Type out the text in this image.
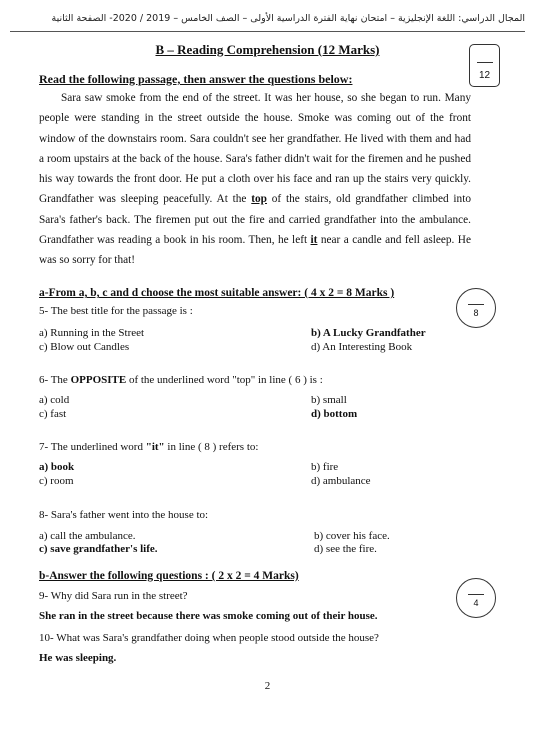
المجال الدراسي: اللغة الإنجليزية – امتحان نهاية الفترة الدراسية الأولى – الصف الخامس – 2019 / 2020- الصفحة الثانية
B – Reading Comprehension (12 Marks)
12
Read the following passage, then answer the questions below:

Sara saw smoke from the end of the street. It was her house, so she began to run. Many people were standing in the street outside the house. Smoke was coming out of the front window of the downstairs room. Sara couldn't see her grandfather. He lived with them and had a room upstairs at the back of the house. Sara's father didn't wait for the firemen and he pushed his way towards the front door. He put a cloth over his face and ran up the stairs very quickly. Grandfather was sleeping peacefully. At the top of the stairs, old grandfather climbed into Sara's father's back. The firemen put out the fire and carried grandfather into the ambulance. Grandfather was reading a book in his room. Then, he left it near a candle and fell asleep. He was so sorry for that!

a-From a, b, c and d choose the most suitable answer: ( 4 x 2 = 8 Marks )
8
5- The best title for the passage is :
a) Running in the Street	b) A Lucky Grandfather
c) Blow out Candles	d) An Interesting Book
6- The OPPOSITE of the underlined word "top" in line ( 6 ) is :
a) cold	b) small
c) fast	d) bottom
7- The underlined word "it" in line ( 8 ) refers to:
a) book	b) fire
c) room	d) ambulance
8- Sara's father went into the house to:
a) call the ambulance.	b) cover his face.
c) save grandfather's life.	d) see the fire.
b-Answer the following questions : ( 2 x 2 = 4 Marks)
4
9- Why did Sara run in the street?
She ran in the street because there was smoke coming out of their house.
10- What was Sara's grandfather doing when people stood outside the house?
He was sleeping.
2
